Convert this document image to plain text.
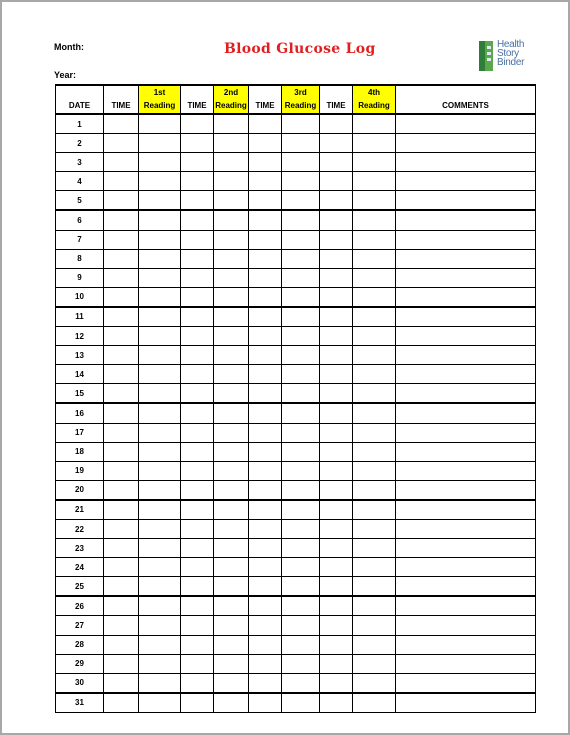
Month:
Year:
Blood Glucose Log	Health
Story
Binder
		1st		2nd		3rd		4th	
DATE	TIME	Reading	TIME	Reading	TIME	Reading	TIME	Reading	COMMENTS
1									
2									
3									
4									
5									
6									
7									
8									
9									
10									
11									
12									
13									
14									
15									
16									
17									
18									
19									
20									
21									
22									
23									
24									
25									
26									
27									
28									
29									
30									
31									
